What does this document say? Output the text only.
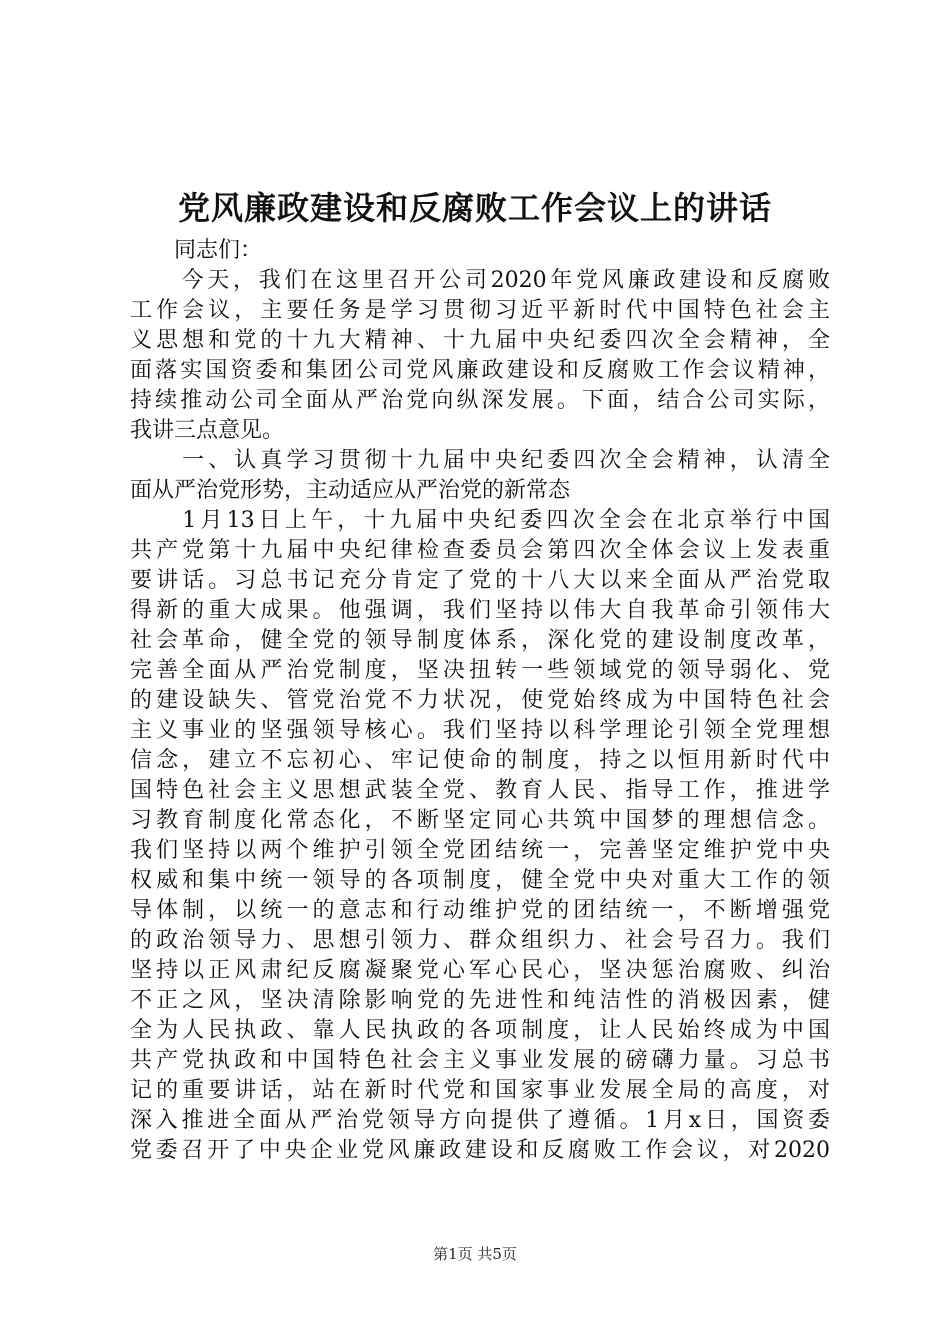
党风廉政建设和反腐败工作会议上的讲话
　　同志们：
　　今天，我们在这里召开公司2020年党风廉政建设和反腐败
工作会议，主要任务是学习贯彻习近平新时代中国特色社会主
义思想和党的十九大精神、十九届中央纪委四次全会精神，全
面落实国资委和集团公司党风廉政建设和反腐败工作会议精神，
持续推动公司全面从严治党向纵深发展。下面，结合公司实际，
我讲三点意见。
　　一、认真学习贯彻十九届中央纪委四次全会精神，认清全
面从严治党形势，主动适应从严治党的新常态
　　1月13日上午，十九届中央纪委四次全会在北京举行中国
共产党第十九届中央纪律检查委员会第四次全体会议上发表重
要讲话。习总书记充分肯定了党的十八大以来全面从严治党取
得新的重大成果。他强调，我们坚持以伟大自我革命引领伟大
社会革命，健全党的领导制度体系，深化党的建设制度改革，
完善全面从严治党制度，坚决扭转一些领域党的领导弱化、党
的建设缺失、管党治党不力状况，使党始终成为中国特色社会
主义事业的坚强领导核心。我们坚持以科学理论引领全党理想
信念，建立不忘初心、牢记使命的制度，持之以恒用新时代中
国特色社会主义思想武装全党、教育人民、指导工作，推进学
习教育制度化常态化，不断坚定同心共筑中国梦的理想信念。
我们坚持以两个维护引领全党团结统一，完善坚定维护党中央
权威和集中统一领导的各项制度，健全党中央对重大工作的领
导体制，以统一的意志和行动维护党的团结统一，不断增强党
的政治领导力、思想引领力、群众组织力、社会号召力。我们
坚持以正风肃纪反腐凝聚党心军心民心，坚决惩治腐败、纠治
不正之风，坚决清除影响党的先进性和纯洁性的消极因素，健
全为人民执政、靠人民执政的各项制度，让人民始终成为中国
共产党执政和中国特色社会主义事业发展的磅礴力量。习总书
记的重要讲话，站在新时代党和国家事业发展全局的高度，对
深入推进全面从严治党领导方向提供了遵循。1月x日，国资委
党委召开了中央企业党风廉政建设和反腐败工作会议，对2020
第1页 共5页
